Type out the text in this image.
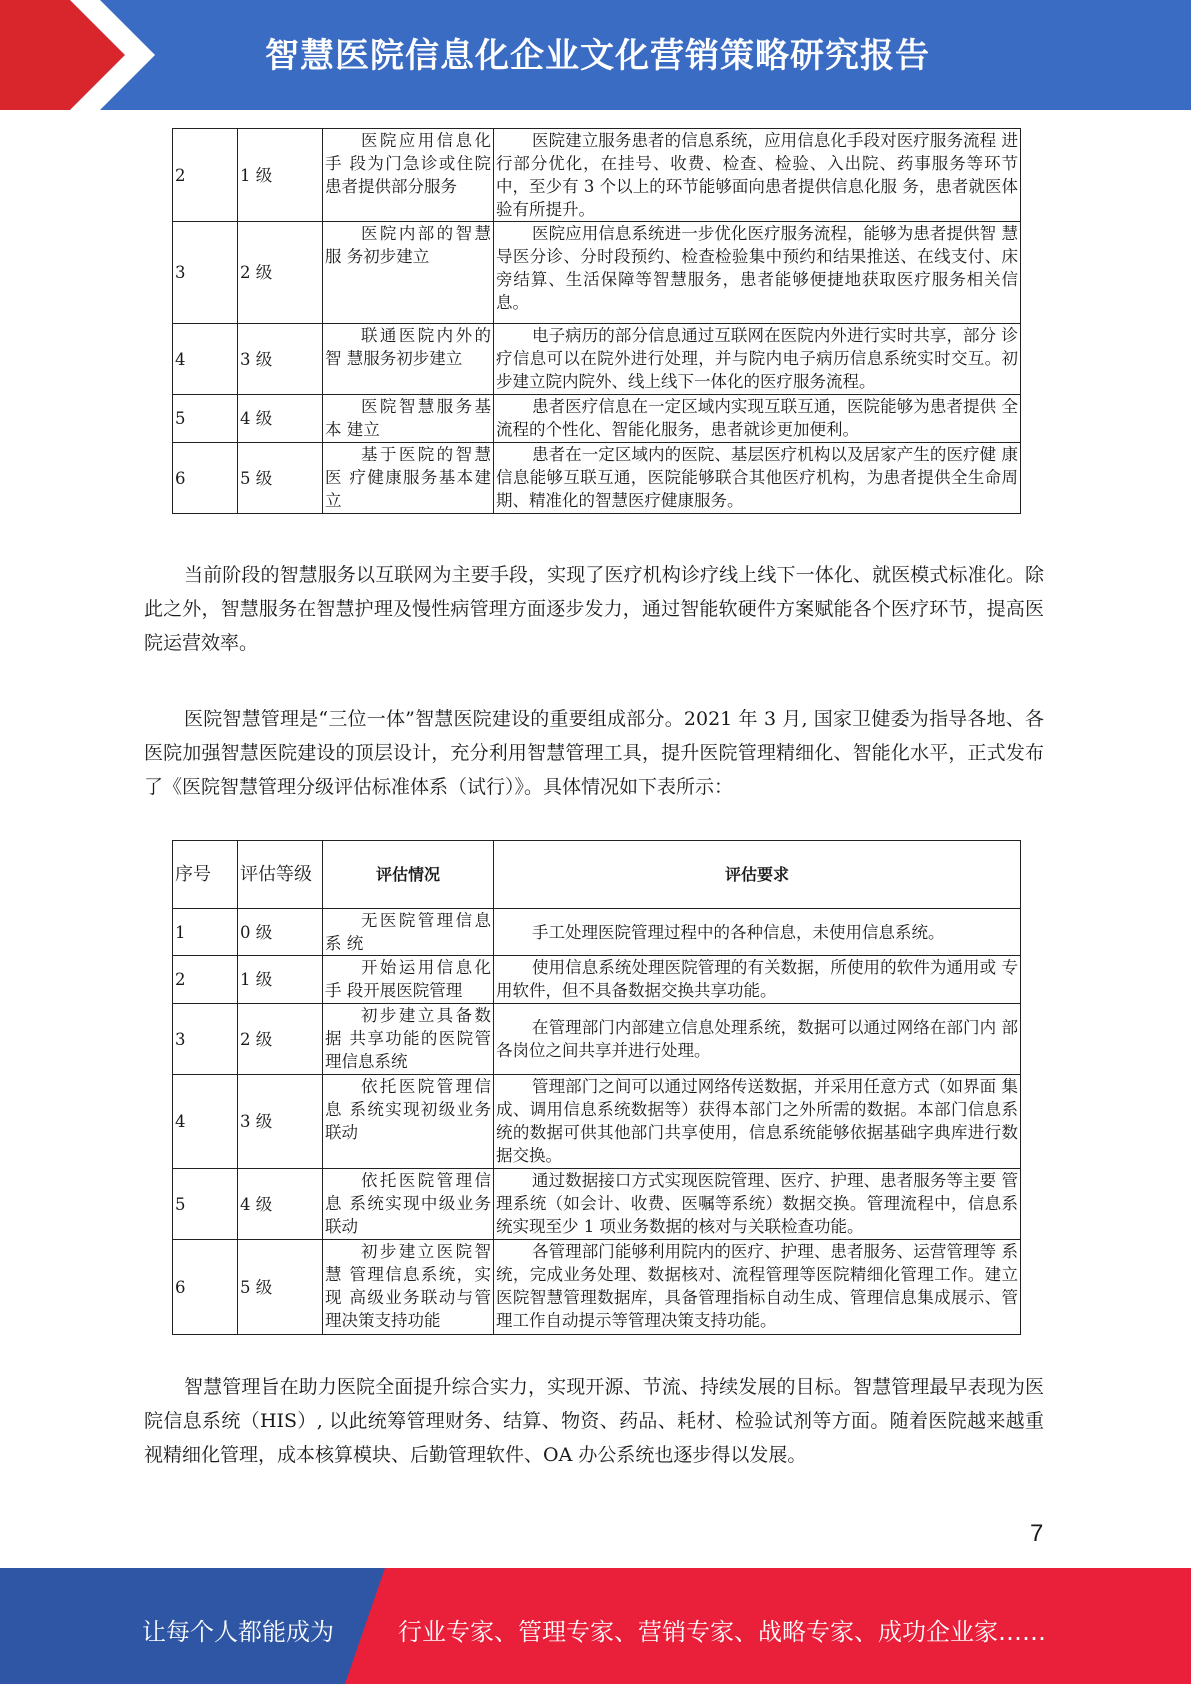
智慧医院信息化企业文化营销策略研究报告
2	1 级	医院应用信息化手 段为门急诊或住院 患者提供部分服务	医院建立服务患者的信息系统，应用信息化手段对医疗服务流程 进行部分优化，在挂号、收费、检查、检验、入出院、药事服务等环节中，至少有 3 个以上的环节能够面向患者提供信息化服 务，患者就医体验有所提升。
3	2 级	医院内部的智慧服 务初步建立	医院应用信息系统进一步优化医疗服务流程，能够为患者提供智 慧导医分诊、分时段预约、检查检验集中预约和结果推送、在线支付、床旁结算、生活保障等智慧服务，患者能够便捷地获取医疗服务相关信息。
4	3 级	联通医院内外的智 慧服务初步建立	电子病历的部分信息通过互联网在医院内外进行实时共享，部分 诊疗信息可以在院外进行处理，并与院内电子病历信息系统实时交互。初步建立院内院外、线上线下一体化的医疗服务流程。
5	4 级	医院智慧服务基本 建立	患者医疗信息在一定区域内实现互联互通，医院能够为患者提供 全流程的个性化、智能化服务，患者就诊更加便利。
6	5 级	基于医院的智慧医 疗健康服务基本建 立	患者在一定区域内的医院、基层医疗机构以及居家产生的医疗健 康信息能够互联互通，医院能够联合其他医疗机构，为患者提供全生命周期、精准化的智慧医疗健康服务。

当前阶段的智慧服务以互联网为主要手段，实现了医疗机构诊疗线上线下一体化、就医模式标准化。除此之外，智慧服务在智慧护理及慢性病管理方面逐步发力，通过智能软硬件方案赋能各个医疗环节，提高医院运营效率。

医院智慧管理是“三位一体”智慧医院建设的重要组成部分。2021 年 3 月, 国家卫健委为指导各地、各医院加强智慧医院建设的顶层设计，充分利用智慧管理工具，提升医院管理精细化、智能化水平，正式发布了《医院智慧管理分级评估标准体系（试行）》。具体情况如下表所示：

序号	评估等级	评估情况	评估要求
1	0 级	无医院管理信息系 统	手工处理医院管理过程中的各种信息，未使用信息系统。
2	1 级	开始运用信息化手 段开展医院管理	使用信息系统处理医院管理的有关数据，所使用的软件为通用或 专用软件，但不具备数据交换共享功能。
3	2 级	初步建立具备数据 共享功能的医院管 理信息系统	在管理部门内部建立信息处理系统，数据可以通过网络在部门内 部各岗位之间共享并进行处理。
4	3 级	依托医院管理信息 系统实现初级业务 联动	管理部门之间可以通过网络传送数据，并采用任意方式（如界面 集成、调用信息系统数据等）获得本部门之外所需的数据。本部门信息系统的数据可供其他部门共享使用，信息系统能够依据基础字典库进行数据交换。
5	4 级	依托医院管理信息 系统实现中级业务 联动	通过数据接口方式实现医院管理、医疗、护理、患者服务等主要 管理系统（如会计、收费、医嘱等系统）数据交换。管理流程中，信息系统实现至少 1 项业务数据的核对与关联检查功能。
6	5 级	初步建立医院智慧 管理信息系统，实现 高级业务联动与管理决策支持功能	各管理部门能够利用院内的医疗、护理、患者服务、运营管理等 系统，完成业务处理、数据核对、流程管理等医院精细化管理工作。建立医院智慧管理数据库，具备管理指标自动生成、管理信息集成展示、管理工作自动提示等管理决策支持功能。

智慧管理旨在助力医院全面提升综合实力，实现开源、节流、持续发展的目标。智慧管理最早表现为医院信息系统（HIS）, 以此统筹管理财务、结算、物资、药品、耗材、检验试剂等方面。随着医院越来越重视精细化管理，成本核算模块、后勤管理软件、OA 办公系统也逐步得以发展。

7
让每个人都能成为	行业专家、管理专家、营销专家、战略专家、成功企业家……
